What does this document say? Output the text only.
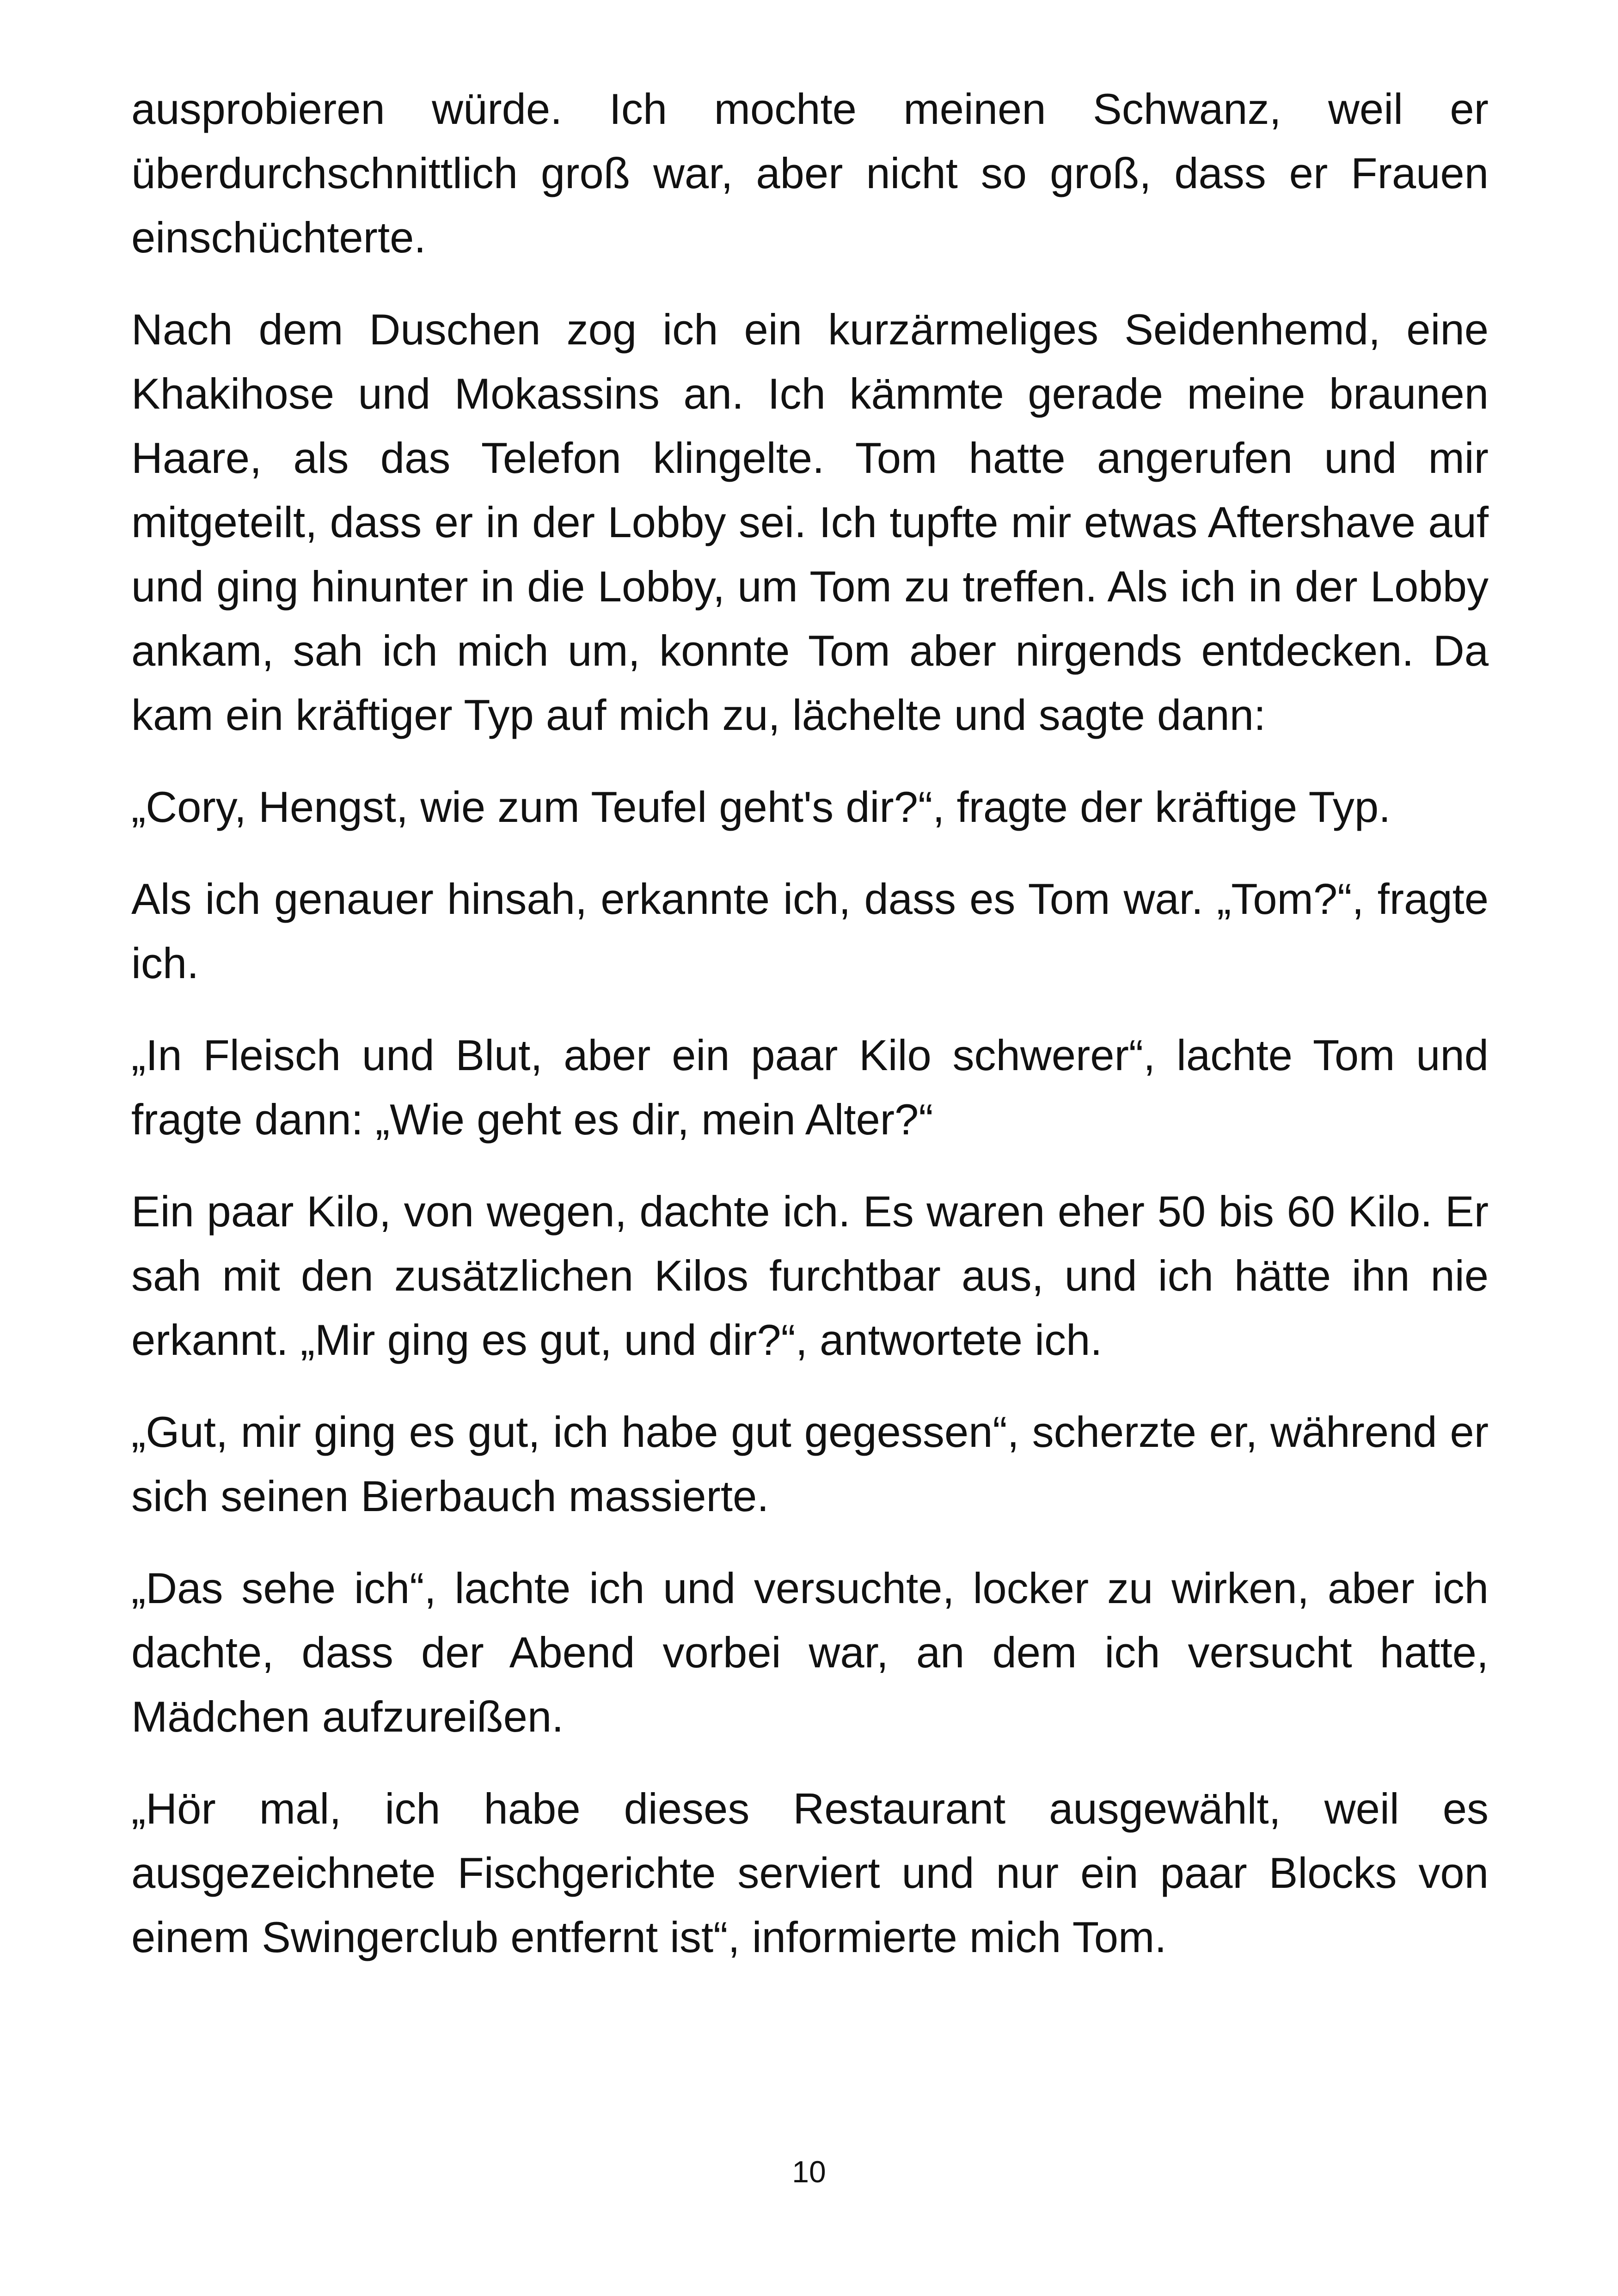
ausprobieren würde. Ich mochte meinen Schwanz, weil er überdurchschnittlich groß war, aber nicht so groß, dass er Frauen einschüchterte.

Nach dem Duschen zog ich ein kurzärmeliges Seidenhemd, eine Khakihose und Mokassins an. Ich kämmte gerade meine braunen Haare, als das Telefon klingelte. Tom hatte angerufen und mir mitgeteilt, dass er in der Lobby sei. Ich tupfte mir etwas Aftershave auf und ging hinunter in die Lobby, um Tom zu treffen. Als ich in der Lobby ankam, sah ich mich um, konnte Tom aber nirgends entdecken. Da kam ein kräftiger Typ auf mich zu, lächelte und sagte dann:

„Cory, Hengst, wie zum Teufel geht's dir?“, fragte der kräftige Typ.

Als ich genauer hinsah, erkannte ich, dass es Tom war. „Tom?“, fragte ich.

„In Fleisch und Blut, aber ein paar Kilo schwerer“, lachte Tom und fragte dann: „Wie geht es dir, mein Alter?“

Ein paar Kilo, von wegen, dachte ich. Es waren eher 50 bis 60 Kilo. Er sah mit den zusätzlichen Kilos furchtbar aus, und ich hätte ihn nie erkannt. „Mir ging es gut, und dir?“, antwortete ich.

„Gut, mir ging es gut, ich habe gut gegessen“, scherzte er, während er sich seinen Bierbauch massierte.

„Das sehe ich“, lachte ich und versuchte, locker zu wirken, aber ich dachte, dass der Abend vorbei war, an dem ich versucht hatte, Mädchen aufzureißen.

„Hör mal, ich habe dieses Restaurant ausgewählt, weil es ausgezeichnete Fischgerichte serviert und nur ein paar Blocks von einem Swingerclub entfernt ist“, informierte mich Tom.

10
